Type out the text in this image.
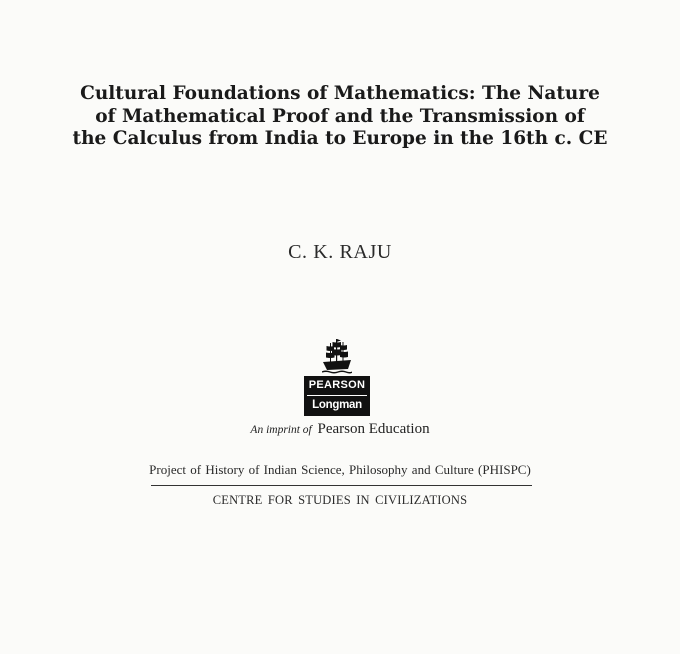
Cultural Foundations of Mathematics: The Nature
of Mathematical Proof and the Transmission of
the Calculus from India to Europe in the 16th c. CE
C. K. RAJU
PEARSON
Longman
An imprint of Pearson Education
Project of History of Indian Science, Philosophy and Culture (PHISPC)
CENTRE FOR STUDIES IN CIVILIZATIONS
